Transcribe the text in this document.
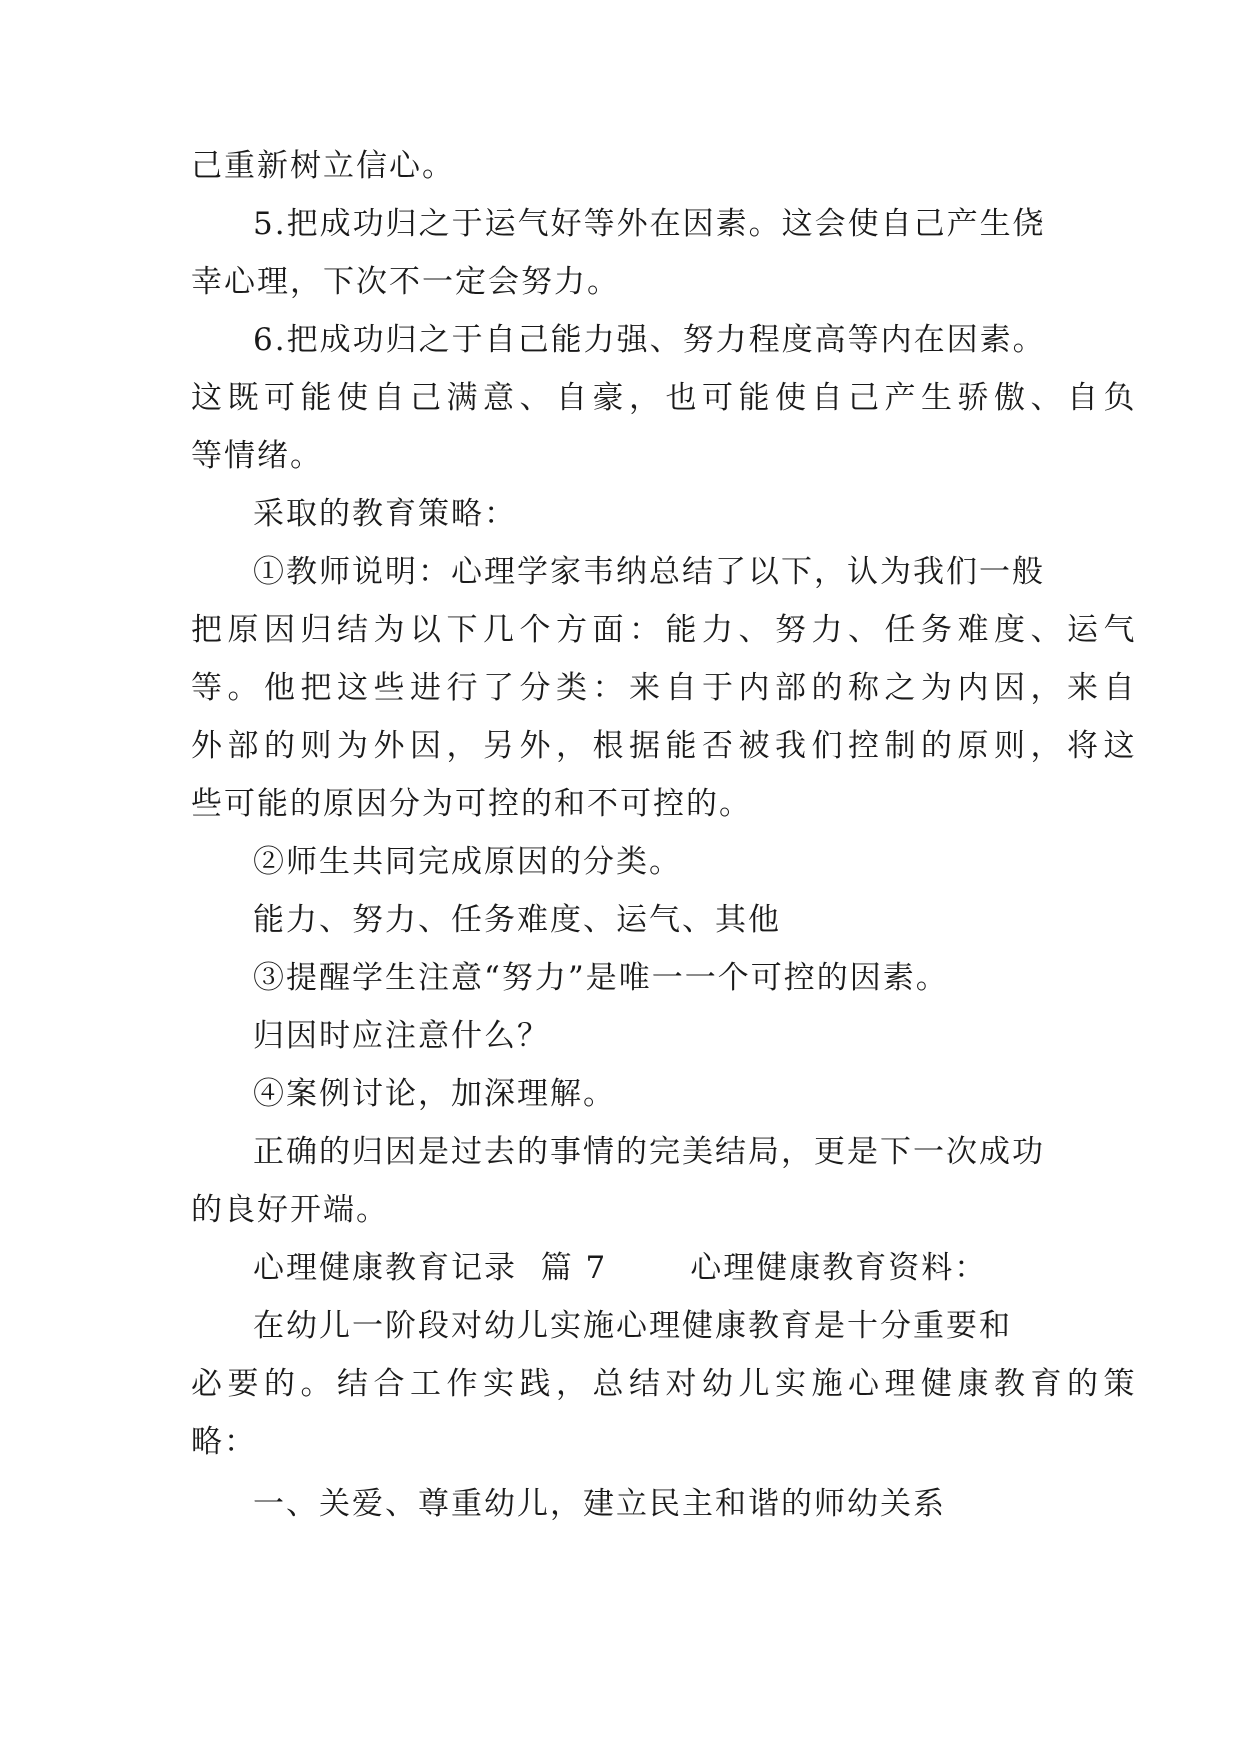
己重新树立信心。

5.把成功归之于运气好等外在因素。这会使自己产生侥

幸心理，下次不一定会努力。

6.把成功归之于自己能力强、努力程度高等内在因素。

这既可能使自己满意、自豪，也可能使自己产生骄傲、自负

等情绪。

采取的教育策略：

①教师说明：心理学家韦纳总结了以下，认为我们一般

把原因归结为以下几个方面：能力、努力、任务难度、运气

等。他把这些进行了分类：来自于内部的称之为内因，来自

外部的则为外因，另外，根据能否被我们控制的原则，将这

些可能的原因分为可控的和不可控的。

②师生共同完成原因的分类。

能力、努力、任务难度、运气、其他

③提醒学生注意“努力”是唯一一个可控的因素。

归因时应注意什么？

④案例讨论，加深理解。

正确的归因是过去的事情的完美结局，更是下一次成功

的良好开端。

心理健康教育记录  篇 7       心理健康教育资料：

在幼儿一阶段对幼儿实施心理健康教育是十分重要和

必要的。结合工作实践，总结对幼儿实施心理健康教育的策

略：

一、关爱、尊重幼儿，建立民主和谐的师幼关系
